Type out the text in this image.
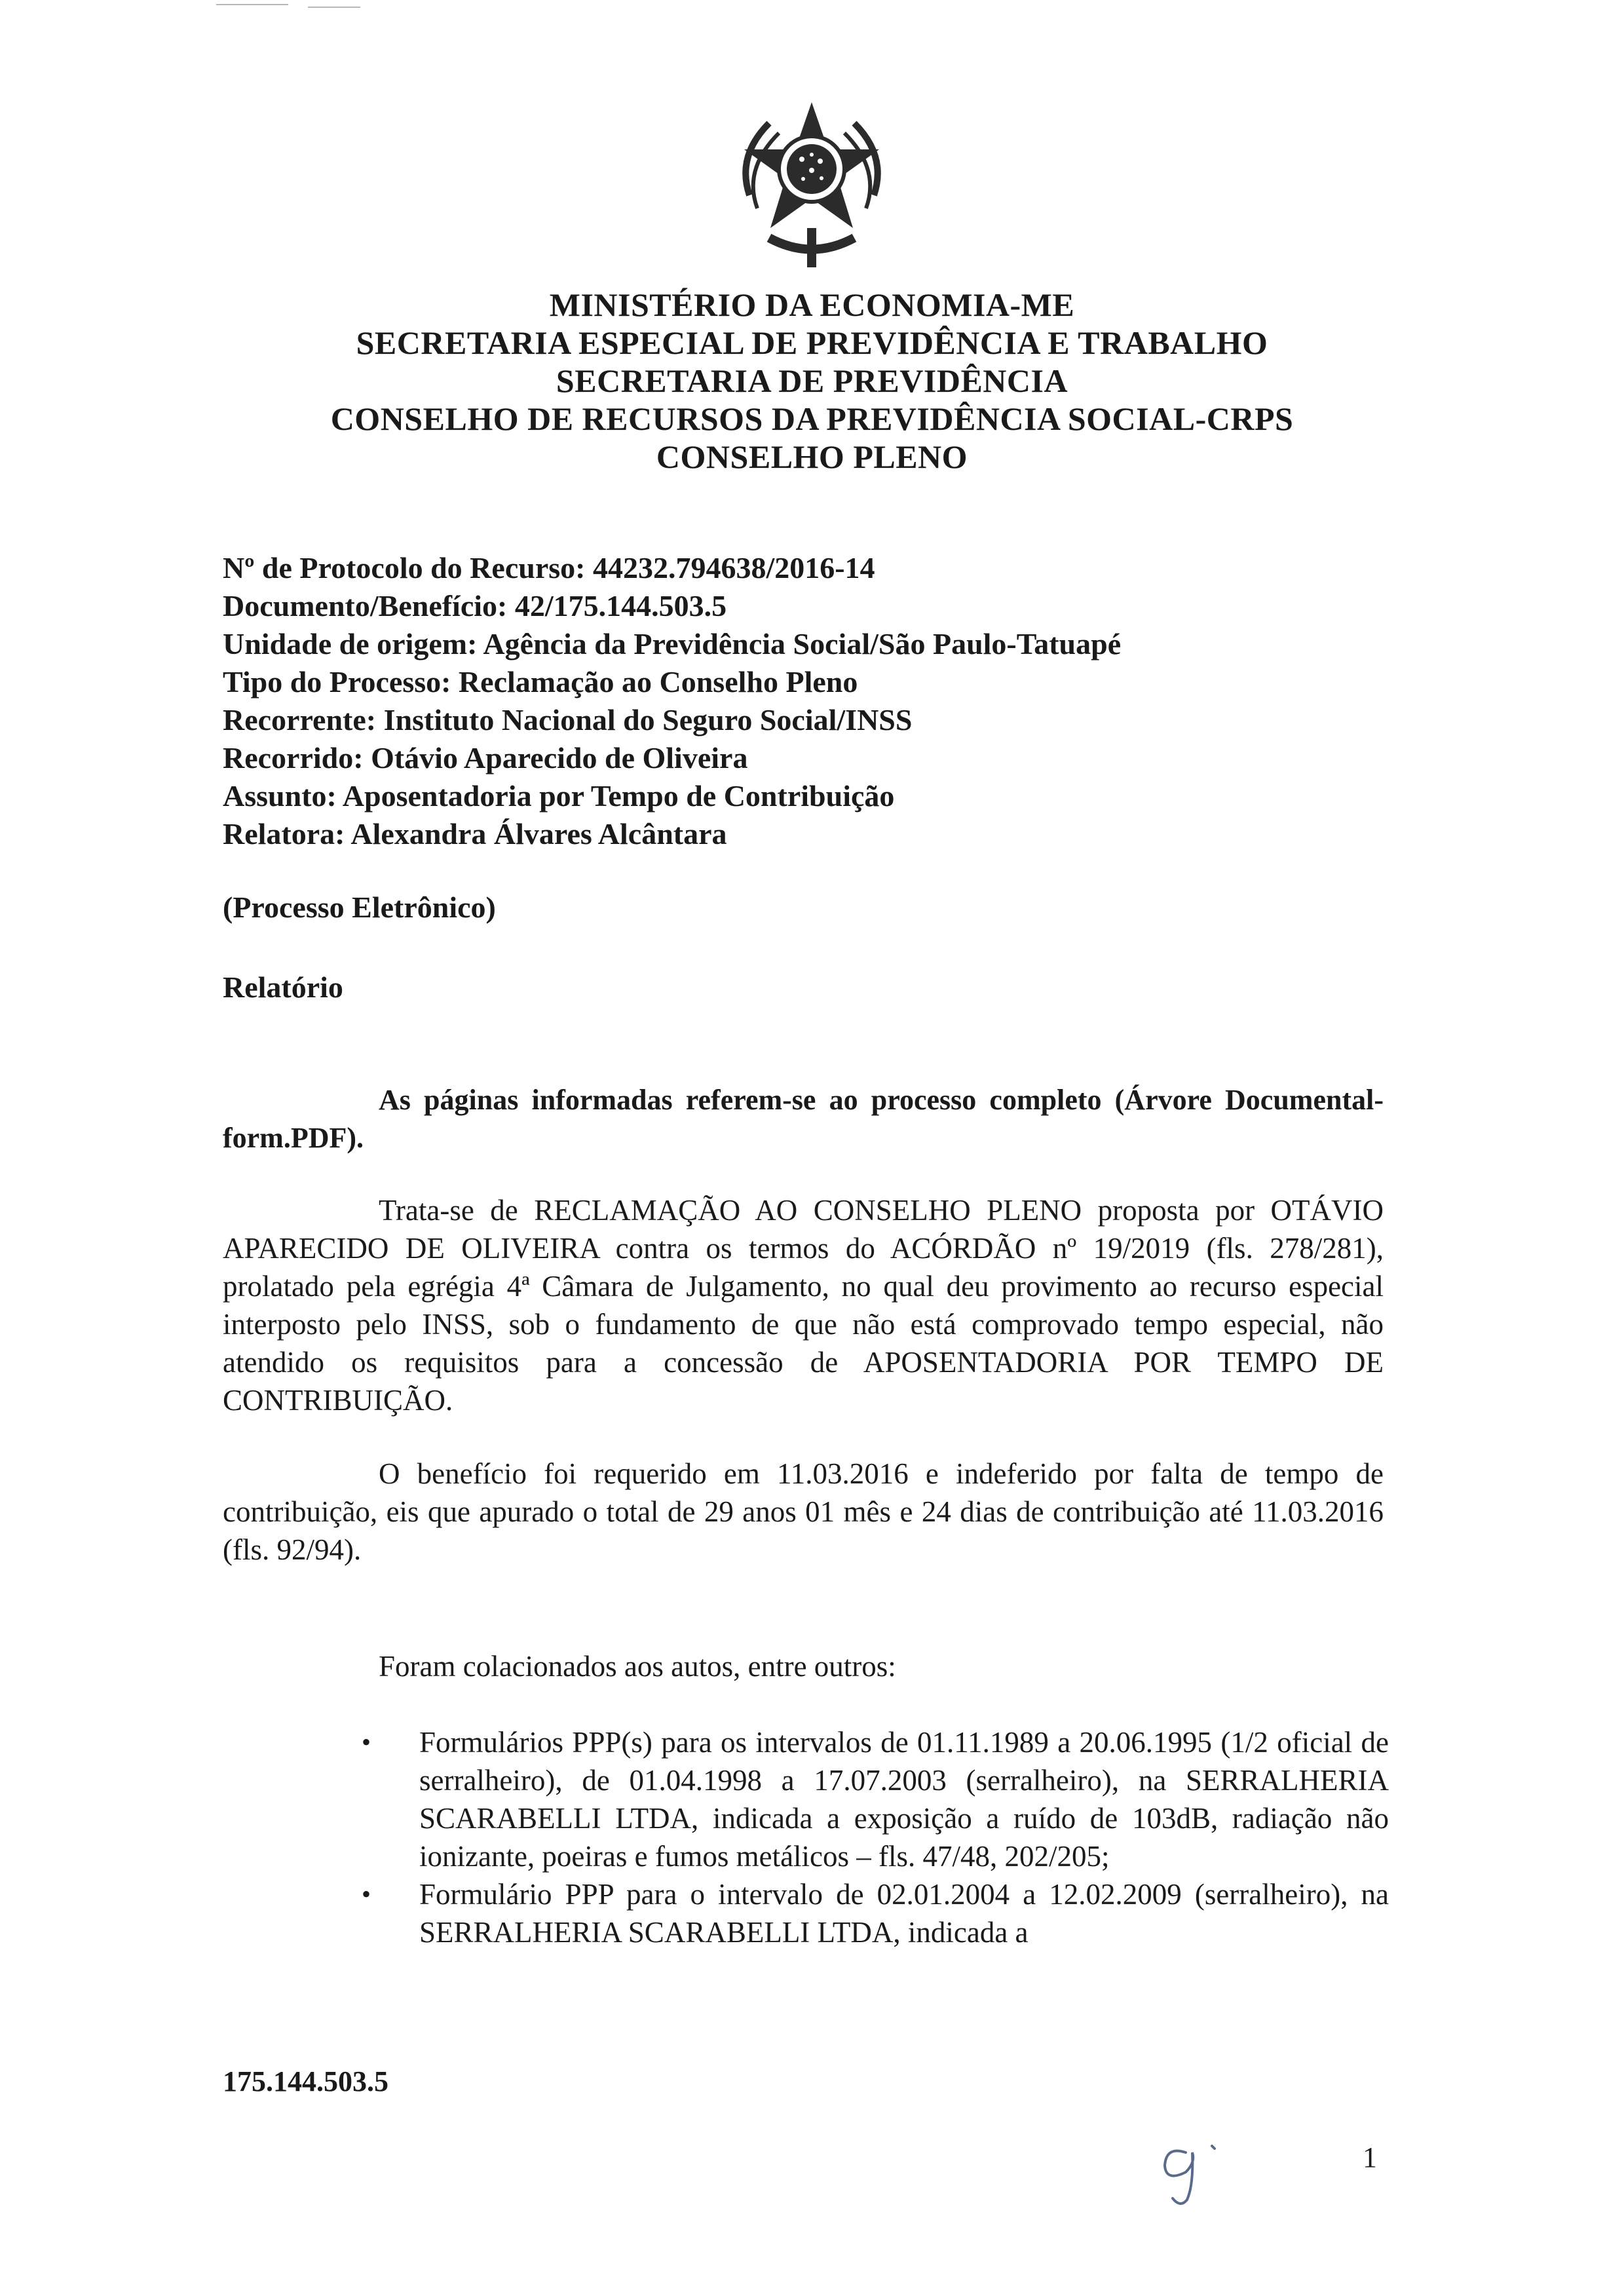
MINISTÉRIO DA ECONOMIA-ME
SECRETARIA ESPECIAL DE PREVIDÊNCIA E TRABALHO
SECRETARIA DE PREVIDÊNCIA
CONSELHO DE RECURSOS DA PREVIDÊNCIA SOCIAL-CRPS
CONSELHO PLENO
Nº de Protocolo do Recurso: 44232.794638/2016-14
Documento/Benefício: 42/175.144.503.5
Unidade de origem: Agência da Previdência Social/São Paulo-Tatuapé
Tipo do Processo: Reclamação ao Conselho Pleno
Recorrente: Instituto Nacional do Seguro Social/INSS
Recorrido: Otávio Aparecido de Oliveira
Assunto: Aposentadoria por Tempo de Contribuição
Relatora: Alexandra Álvares Alcântara
(Processo Eletrônico)
Relatório
As páginas informadas referem-se ao processo completo (Árvore Documental-form.PDF).
Trata-se de RECLAMAÇÃO AO CONSELHO PLENO proposta por OTÁVIO APARECIDO DE OLIVEIRA contra os termos do ACÓRDÃO nº 19/2019 (fls. 278/281), prolatado pela egrégia 4ª Câmara de Julgamento, no qual deu provimento ao recurso especial interposto pelo INSS, sob o fundamento de que não está comprovado tempo especial, não atendido os requisitos para a concessão de APOSENTADORIA POR TEMPO DE CONTRIBUIÇÃO.
O benefício foi requerido em 11.03.2016 e indeferido por falta de tempo de contribuição, eis que apurado o total de 29 anos 01 mês e 24 dias de contribuição até 11.03.2016 (fls. 92/94).
Foram colacionados aos autos, entre outros:
• Formulários PPP(s) para os intervalos de 01.11.1989 a 20.06.1995 (1/2 oficial de serralheiro), de 01.04.1998 a 17.07.2003 (serralheiro), na SERRALHERIA SCARABELLI LTDA, indicada a exposição a ruído de 103dB, radiação não ionizante, poeiras e fumos metálicos – fls. 47/48, 202/205;
• Formulário PPP para o intervalo de 02.01.2004 a 12.02.2009 (serralheiro), na SERRALHERIA SCARABELLI LTDA, indicada a
175.144.503.5
1
